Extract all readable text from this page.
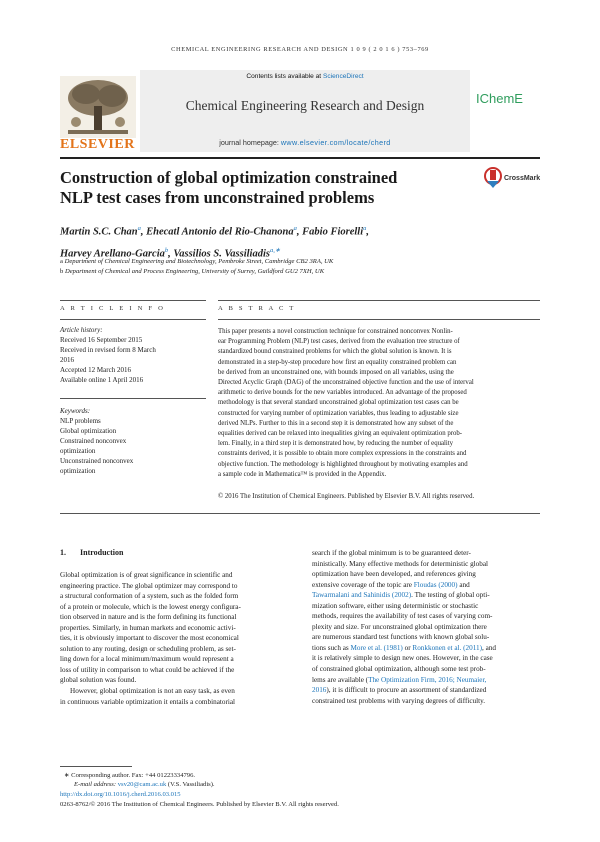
CHEMICAL ENGINEERING RESEARCH AND DESIGN 1 0 9 ( 2 0 1 6 ) 753–769
ELSEVIER
Contents lists available at ScienceDirect
Chemical Engineering Research and Design
journal homepage: www.elsevier.com/locate/cherd
IChemE
Construction of global optimization constrained
NLP test cases from unconstrained problems
CrossMark
Martin S.C. Chan$^a$, Ehecatl Antonio del Rio-Chanona$^a$, Fabio Fiorelli$^a$,
Harvey Arellano-Garcia$^b$, Vassilios S. Vassiliadis$^{a,∗}$
a Department of Chemical Engineering and Biotechnology, Pembroke Street, Cambridge CB2 3RA, UK
b Department of Chemical and Process Engineering, University of Surrey, Guildford GU2 7XH, UK
A R T I C L E I N F O	A B S T R A C T
Article history:
Received 16 September 2015
Received in revised form 8 March
2016
Accepted 12 March 2016
Available online 1 April 2016
Keywords:
NLP problems
Global optimization
Constrained nonconvex
optimization
Unconstrained nonconvex
optimization
This paper presents a novel construction technique for constrained nonconvex Nonlin-
ear Programming Problem (NLP) test cases, derived from the evaluation tree structure of
standardized bound constrained problems for which the global solution is known. It is
demonstrated in a step-by-step procedure how first an equality constrained problem can
be derived from an unconstrained one, with bounds imposed on all variables, using the
Directed Acyclic Graph (DAG) of the unconstrained objective function and the use of interval
arithmetic to derive bounds for the new variables introduced. An advantage of the proposed
methodology is that several standard unconstrained global optimization test cases can be
constructed for varying number of optimization variables, thus leading to adjustable size
derived NLPs. Further to this in a second step it is demonstrated how any subset of the
equalities derived can be relaxed into inequalities giving an equivalent optimization prob-
lem. Finally, in a third step it is demonstrated how, by reducing the number of equality
constraints derived, it is possible to obtain more complex expressions in the constraints and
objective function. The methodology is highlighted throughout by motivating examples and
a sample code in Mathematica™ is provided in the Appendix.
© 2016 The Institution of Chemical Engineers. Published by Elsevier B.V. All rights reserved.
1. Introduction
Global optimization is of great significance in scientific and
engineering practice. The global optimizer may correspond to
a structural conformation of a system, such as the folded form
of a protein or molecule, which is the lowest energy configura-
tion observed in nature and is the form defining its functional
properties. Similarly, in human markets and economic activi-
ties, it is obviously important to discover the most economical
solution to any routing, design or scheduling problem, as set-
ling down for a local minimum/maximum would represent a
loss of utility in comparison to what could be achieved if the
global solution was found.
However, global optimization is not an easy task, as even
in continuous variable optimization it entails a combinatorial
search if the global minimum is to be guaranteed deter-
ministically. Many effective methods for deterministic global
optimization have been developed, and references giving
extensive coverage of the topic are Floudas (2000) and
Tawarmalani and Sahinidis (2002). The testing of global opti-
mization software, either using deterministic or stochastic
methods, requires the availability of test cases of varying com-
plexity and size. For unconstrained global optimization there
are numerous standard test functions with known global solu-
tions such as More et al. (1981) or Ronkkonen et al. (2011), and
it is relatively simple to design new ones. However, in the case
of constrained global optimization, although some test prob-
lems are available (The Optimization Firm, 2016; Neumaier,
2016), it is difficult to procure an assortment of standardized
constrained test problems with varying degrees of difficulty.
∗ Corresponding author. Fax: +44 01223334796.
E-mail address: vsv20@cam.ac.uk (V.S. Vassiliadis).
http://dx.doi.org/10.1016/j.cherd.2016.03.015
0263-8762/© 2016 The Institution of Chemical Engineers. Published by Elsevier B.V. All rights reserved.
